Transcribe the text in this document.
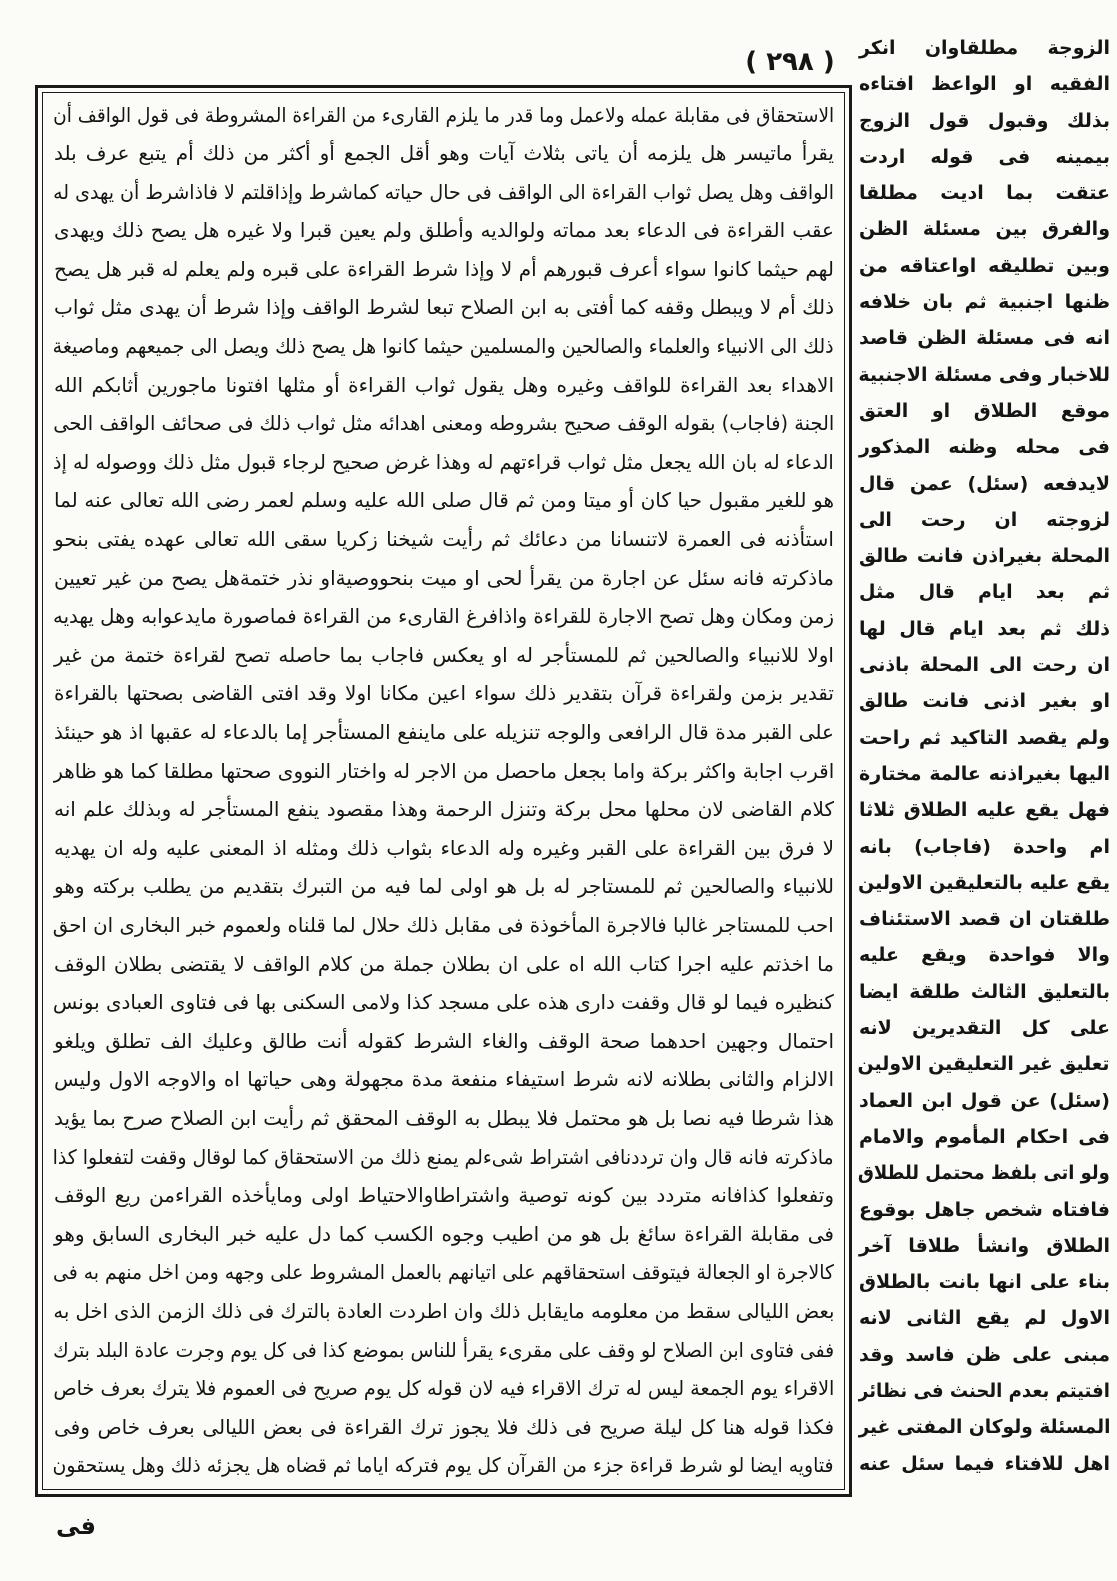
( ٢٩٨ )	الزوجة مطلقاوان انكر
الفقيه او الواعظ افتاءه
بذلك وقبول قول الزوج
بيمينه فى قوله اردت
عتقت بما اديت مطلقا
والفرق بين مسئلة الظن
وبين تطليقه اواعتاقه من
ظنها اجنبية ثم بان خلافه
انه فى مسئلة الظن قاصد
للاخبار وفى مسئلة الاجنبية
موقع الطلاق او العتق
فى محله وظنه المذكور
لايدفعه (سئل) عمن قال
لزوجته ان رحت الى
المحلة بغيراذن فانت طالق
ثم بعد ايام قال مثل
ذلك ثم بعد ايام قال لها
ان رحت الى المحلة باذنى
او بغير اذنى فانت طالق
ولم يقصد التاكيد ثم راحت
اليها بغيراذنه عالمة مختارة
فهل يقع عليه الطلاق ثلاثا
ام واحدة (فاجاب) بانه
يقع عليه بالتعليقين الاولين
طلقتان ان قصد الاستئناف
والا فواحدة ويقع عليه
بالتعليق الثالث طلقة ايضا
على كل التقديرين لانه
تعليق غير التعليقين الاولين
(سئل) عن قول ابن العماد
فى احكام المأموم والامام
ولو اتى بلفظ محتمل للطلاق
فافتاه شخص جاهل بوقوع
الطلاق وانشأ طلاقا آخر
بناء على انها بانت بالطلاق
الاول لم يقع الثانى لانه
مبنى على ظن فاسد وقد
افتيتم بعدم الحنث فى نظائر
المسئلة ولوكان المفتى غير
اهل للافتاء فيما سئل عنه
الاستحقاق فى مقابلة عمله ولاعمل وما قدر ما يلزم القارىء من القراءة المشروطة فى قول الواقف أن
يقرأ ماتيسر هل يلزمه أن ياتى بثلاث آيات وهو أقل الجمع أو أكثر من ذلك أم يتبع عرف بلد
الواقف وهل يصل ثواب القراءة الى الواقف فى حال حياته كماشرط وإذاقلتم لا فاذاشرط أن يهدى له
عقب القراءة فى الدعاء بعد مماته ولوالديه وأطلق ولم يعين قبرا ولا غيره هل يصح ذلك ويهدى
لهم حيثما كانوا سواء أعرف قبورهم أم لا وإذا شرط القراءة على قبره ولم يعلم له قبر هل يصح
ذلك أم لا ويبطل وقفه كما أفتى به ابن الصلاح تبعا لشرط الواقف وإذا شرط أن يهدى مثل ثواب
ذلك الى الانبياء والعلماء والصالحين والمسلمين حيثما كانوا هل يصح ذلك ويصل الى جميعهم وماصيغة
الاهداء بعد القراءة للواقف وغيره وهل يقول ثواب القراءة أو مثلها افتونا ماجورين أثابكم الله
الجنة (فاجاب) بقوله الوقف صحيح بشروطه ومعنى اهدائه مثل ثواب ذلك فى صحائف الواقف الحى
الدعاء له بان الله يجعل مثل ثواب قراءتهم له وهذا غرض صحيح لرجاء قبول مثل ذلك ووصوله له إذ
هو للغير مقبول حيا كان أو ميتا ومن ثم قال صلى الله عليه وسلم لعمر رضى الله تعالى عنه لما
استأذنه فى العمرة لاتنسانا من دعائك ثم رأيت شيخنا زكريا سقى الله تعالى عهده يفتى بنحو
ماذكرته فانه سئل عن اجارة من يقرأ لحى او ميت بنحووصيةاو نذر ختمةهل يصح من غير تعيين
زمن ومكان وهل تصح الاجارة للقراءة واذافرغ القارىء من القراءة فماصورة مايدعوابه وهل يهديه
اولا للانبياء والصالحين ثم للمستأجر له او يعكس فاجاب بما حاصله تصح لقراءة ختمة من غير
تقدير بزمن ولقراءة قرآن بتقدير ذلك سواء اعين مكانا اولا وقد افتى القاضى بصحتها بالقراءة
على القبر مدة قال الرافعى والوجه تنزيله على ماينفع المستأجر إما بالدعاء له عقبها اذ هو حينئذ
اقرب اجابة واكثر بركة واما بجعل ماحصل من الاجر له واختار النووى صحتها مطلقا كما هو ظاهر
كلام القاضى لان محلها محل بركة وتنزل الرحمة وهذا مقصود ينفع المستأجر له وبذلك علم انه
لا فرق بين القراءة على القبر وغيره وله الدعاء بثواب ذلك ومثله اذ المعنى عليه وله ان يهديه
للانبياء والصالحين ثم للمستاجر له بل هو اولى لما فيه من التبرك بتقديم من يطلب بركته وهو
احب للمستاجر غالبا فالاجرة المأخوذة فى مقابل ذلك حلال لما قلناه ولعموم خبر البخارى ان احق
ما اخذتم عليه اجرا كتاب الله اه على ان بطلان جملة من كلام الواقف لا يقتضى بطلان الوقف
كنظيره فيما لو قال وقفت دارى هذه على مسجد كذا ولامى السكنى بها فى فتاوى العبادى بونس
احتمال وجهين احدهما صحة الوقف والغاء الشرط كقوله أنت طالق وعليك الف تطلق ويلغو
الالزام والثانى بطلانه لانه شرط استيفاء منفعة مدة مجهولة وهى حياتها اه والاوجه الاول وليس
هذا شرطا فيه نصا بل هو محتمل فلا يبطل به الوقف المحقق ثم رأيت ابن الصلاح صرح بما يؤيد
ماذكرته فانه قال وان ترددنافى اشتراط شىءلم يمنع ذلك من الاستحقاق كما لوقال وقفت لتفعلوا كذا
وتفعلوا كذافانه متردد بين كونه توصية واشتراطاوالاحتياط اولى ومايأخذه القراءمن ريع الوقف
فى مقابلة القراءة سائغ بل هو من اطيب وجوه الكسب كما دل عليه خبر البخارى السابق وهو
كالاجرة او الجعالة فيتوقف استحقاقهم على اتيانهم بالعمل المشروط على وجهه ومن اخل منهم به فى
بعض الليالى سقط من معلومه مايقابل ذلك وان اطردت العادة بالترك فى ذلك الزمن الذى اخل به
ففى فتاوى ابن الصلاح لو وقف على مقرىء يقرأ للناس بموضع كذا فى كل يوم وجرت عادة البلد بترك
الاقراء يوم الجمعة ليس له ترك الاقراء فيه لان قوله كل يوم صريح فى العموم فلا يترك بعرف خاص
فكذا قوله هنا كل ليلة صريح فى ذلك فلا يجوز ترك القراءة فى بعض الليالى بعرف خاص وفى
فتاويه ايضا لو شرط قراءة جزء من القرآن كل يوم فتركه اياما ثم قضاه هل يجزئه ذلك وهل يستحقون
فى
